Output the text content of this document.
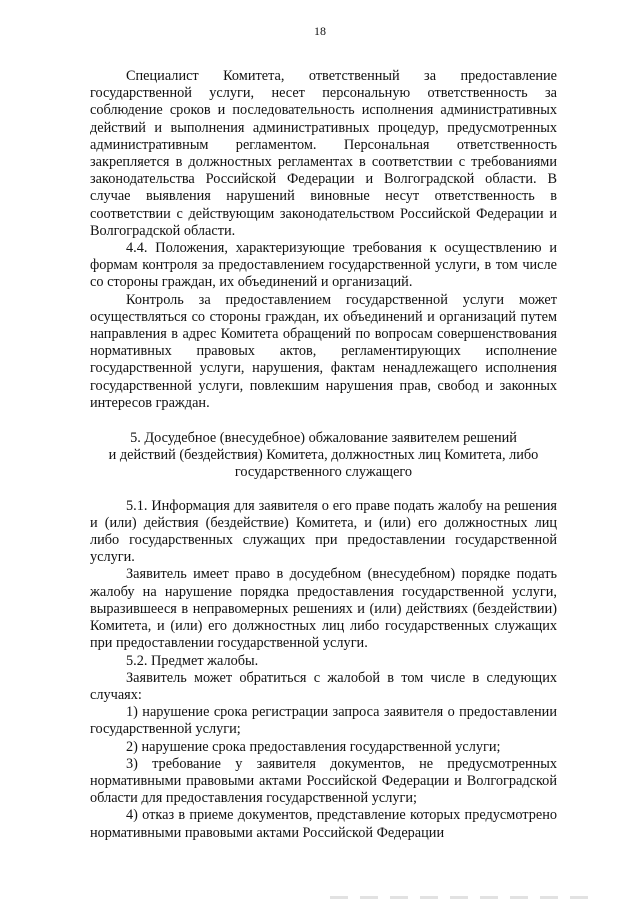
18

Специалист Комитета, ответственный за предоставление государственной услуги, несет персональную ответственность за соблюдение сроков и последовательность исполнения административных действий и выполнения административных процедур, предусмотренных административным регламентом. Персональная ответственность закрепляется в должностных регламентах в соответствии с требованиями законодательства Российской Федерации и Волгоградской области. В случае выявления нарушений виновные несут ответственность в соответствии с действующим законодательством Российской Федерации и Волгоградской области.

4.4. Положения, характеризующие требования к осуществлению и формам контроля за предоставлением государственной услуги, в том числе со стороны граждан, их объединений и организаций.

Контроль за предоставлением государственной услуги может осуществляться со стороны граждан, их объединений и организаций путем направления в адрес Комитета обращений по вопросам совершенствования нормативных правовых актов, регламентирующих исполнение государственной услуги, нарушения, фактам ненадлежащего исполнения государственной услуги, повлекшим нарушения прав, свобод и законных интересов граждан.

5. Досудебное (внесудебное) обжалование заявителем решений
и действий (бездействия) Комитета, должностных лиц Комитета, либо
государственного служащего

5.1. Информация для заявителя о его праве подать жалобу на решения и (или) действия (бездействие) Комитета, и (или) его должностных лиц либо государственных служащих при предоставлении государственной услуги.

Заявитель имеет право в досудебном (внесудебном) порядке подать жалобу на нарушение порядка предоставления государственной услуги, выразившееся в неправомерных решениях и (или) действиях (бездействии) Комитета, и (или) его должностных лиц либо государственных служащих при предоставлении государственной услуги.

5.2. Предмет жалобы.

Заявитель может обратиться с жалобой в том числе в следующих случаях:

1) нарушение срока регистрации запроса заявителя о предоставлении государственной услуги;

2) нарушение срока предоставления государственной услуги;

3) требование у заявителя документов, не предусмотренных нормативными правовыми актами Российской Федерации и Волгоградской области для предоставления государственной услуги;

4) отказ в приеме документов, представление которых предусмотрено нормативными правовыми актами Российской Федерации
